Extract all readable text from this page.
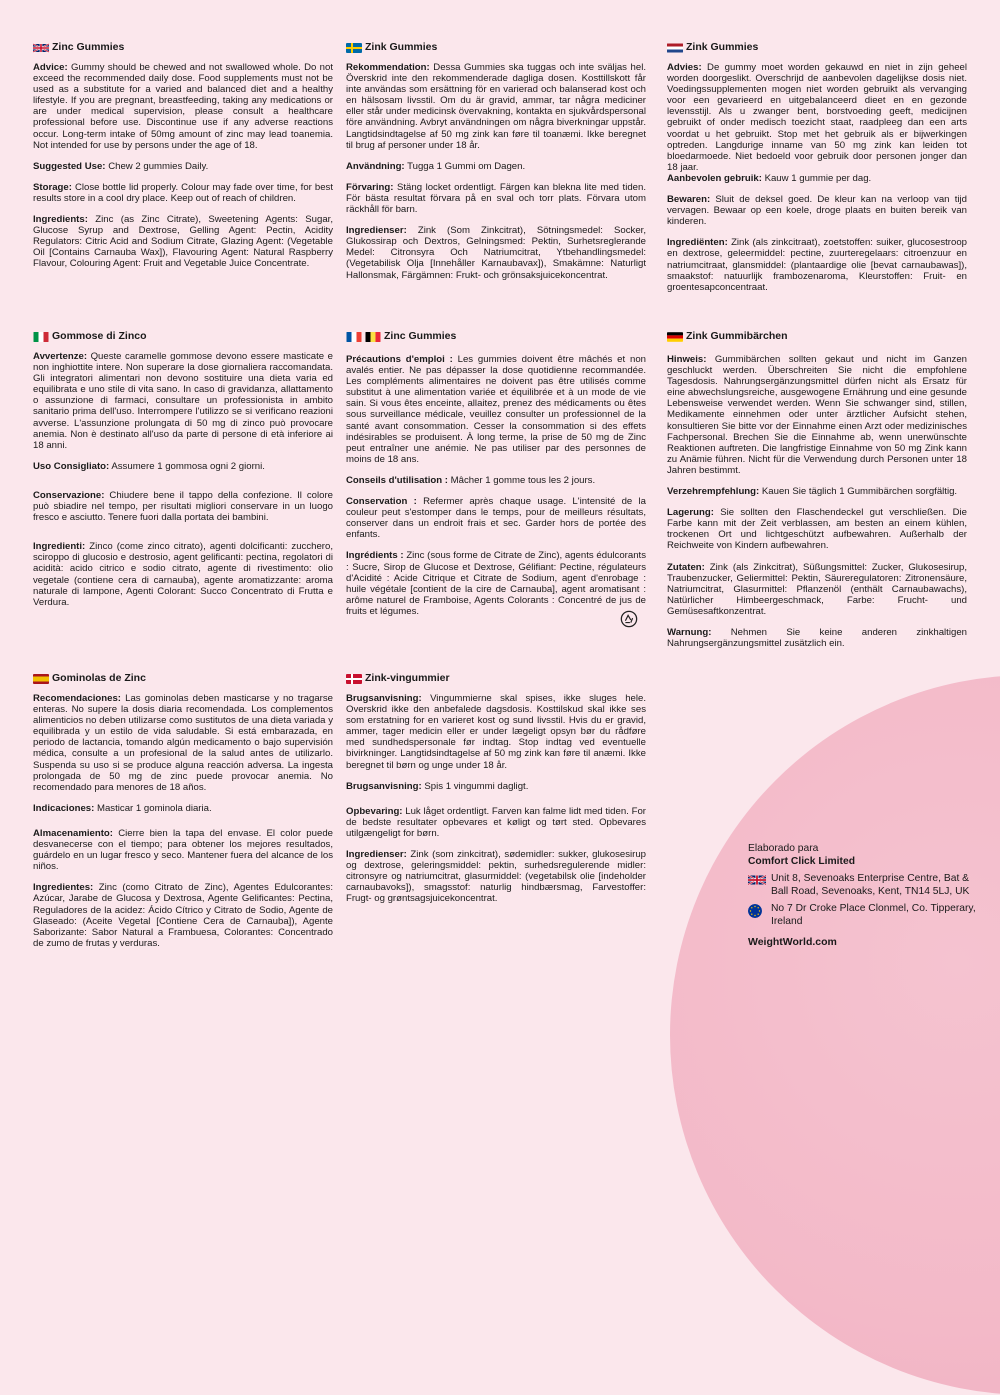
Zinc Gummies

Advice: Gummy should be chewed and not swallowed whole. Do not exceed the recommended daily dose. Food supplements must not be used as a substitute for a varied and balanced diet and a healthy lifestyle. If you are pregnant, breastfeeding, taking any medications or are under medical supervision, please consult a healthcare professional before use. Discontinue use if any adverse reactions occur. Long-term intake of 50mg amount of zinc may lead toanemia. Not intended for use by persons under the age of 18.

Suggested Use: Chew 2 gummies Daily.

Storage: Close bottle lid properly. Colour may fade over time, for best results store in a cool dry place. Keep out of reach of children.

Ingredients: Zinc (as Zinc Citrate), Sweetening Agents: Sugar, Glucose Syrup and Dextrose, Gelling Agent: Pectin, Acidity Regulators: Citric Acid and Sodium Citrate, Glazing Agent: (Vegetable Oil [Contains Carnauba Wax]), Flavouring Agent: Natural Raspberry Flavour, Colouring Agent: Fruit and Vegetable Juice Concentrate.

Zink Gummies

Rekommendation: Dessa Gummies ska tuggas och inte sväljas hel. Överskrid inte den rekommenderade dagliga dosen. Kosttillskott får inte användas som ersättning för en varierad och balanserad kost och en hälsosam livsstil. Om du är gravid, ammar, tar några mediciner eller står under medicinsk övervakning, kontakta en sjukvårdspersonal före användning. Avbryt användningen om några biverkningar uppstår. Langtidsindtagelse af 50 mg zink kan føre til toanæmi. Ikke beregnet til brug af personer under 18 år.

Användning: Tugga 1 Gummi om Dagen.

Förvaring: Stäng locket ordentligt. Färgen kan blekna lite med tiden. För bästa resultat förvara på en sval och torr plats. Förvara utom räckhåll för barn.

Ingredienser: Zink (Som Zinkcitrat), Sötningsmedel: Socker, Glukossirap och Dextros, Gelningsmed: Pektin, Surhetsreglerande Medel: Citronsyra Och Natriumcitrat, Ytbehandlingsmedel: (Vegetabilisk Olja [Innehåller Karnaubavax]), Smakämne: Naturligt Hallonsmak, Färgämnen: Frukt- och grönsaksjuicekoncentrat.

Zink Gummies

Advies: De gummy moet worden gekauwd en niet in zijn geheel worden doorgeslikt. Overschrijd de aanbevolen dagelijkse dosis niet. Voedingssupplementen mogen niet worden gebruikt als vervanging voor een gevarieerd en uitgebalanceerd dieet en en gezonde levensstijl. Als u zwanger bent, borstvoeding geeft, medicijnen gebruikt of onder medisch toezicht staat, raadpleeg dan een arts voordat u het gebruikt. Stop met het gebruik als er bijwerkingen optreden. Langdurige inname van 50 mg zink kan leiden tot bloedarmoede. Niet bedoeld voor gebruik door personen jonger dan 18 jaar.
Aanbevolen gebruik: Kauw 1 gummie per dag.

Bewaren: Sluit de deksel goed. De kleur kan na verloop van tijd vervagen. Bewaar op een koele, droge plaats en buiten bereik van kinderen.

Ingrediënten: Zink (als zinkcitraat), zoetstoffen: suiker, glucosestroop en dextrose, geleermiddel: pectine, zuurteregelaars: citroenzuur en natriumcitraat, glansmiddel: (plantaardige olie [bevat carnaubawas]), smaakstof: natuurlijk frambozenaroma, Kleurstoffen: Fruit- en groentesapconcentraat.

Gommose di Zinco

Avvertenze: Queste caramelle gommose devono essere masticate e non inghiottite intere. Non superare la dose giornaliera raccomandata. Gli integratori alimentari non devono sostituire una dieta varia ed equilibrata e uno stile di vita sano. In caso di gravidanza, allattamento o assunzione di farmaci, consultare un professionista in ambito sanitario prima dell'uso. Interrompere l'utilizzo se si verificano reazioni avverse. L'assunzione prolungata di 50 mg di zinco può provocare anemia. Non è destinato all'uso da parte di persone di età inferiore ai 18 anni.

Uso Consigliato: Assumere 1 gommosa ogni 2 giorni.

Conservazione: Chiudere bene il tappo della confezione. Il colore può sbiadire nel tempo, per risultati migliori conservare in un luogo fresco e asciutto. Tenere fuori dalla portata dei bambini.

Ingredienti: Zinco (come zinco citrato), agenti dolcificanti: zucchero, sciroppo di glucosio e destrosio, agent gelificanti: pectina, regolatori di acidità: acido citrico e sodio citrato, agente di rivestimento: olio vegetale (contiene cera di carnauba), agente aromatizzante: aroma naturale di lampone, Agenti Colorant: Succo Concentrato di Frutta e Verdura.

Zinc Gummies

Précautions d'emploi : Les gummies doivent être mâchés et non avalés entier. Ne pas dépasser la dose quotidienne recommandée. Les compléments alimentaires ne doivent pas être utilisés comme substitut à une alimentation variée et équilibrée et à un mode de vie sain. Si vous êtes enceinte, allaitez, prenez des médicaments ou êtes sous surveillance médicale, veuillez consulter un professionnel de la santé avant consommation. Cesser la consommation si des effets indésirables se produisent. À long terme, la prise de 50 mg de Zinc peut entraîner une anémie. Ne pas utiliser par des personnes de moins de 18 ans.

Conseils d'utilisation : Mâcher 1 gomme tous les 2 jours.

Conservation : Refermer après chaque usage. L'intensité de la couleur peut s'estomper dans le temps, pour de meilleurs résultats, conserver dans un endroit frais et sec. Garder hors de portée des enfants.

Ingrédients : Zinc (sous forme de Citrate de Zinc), agents édulcorants : Sucre, Sirop de Glucose et Dextrose, Gélifiant: Pectine, régulateurs d'Acidité : Acide Citrique et Citrate de Sodium, agent d'enrobage : huile végétale [contient de la cire de Carnauba], agent aromatisant : arôme naturel de Framboise, Agents Colorants : Concentré de jus de fruits et légumes.

Zink Gummibärchen

Hinweis: Gummibärchen sollten gekaut und nicht im Ganzen geschluckt werden. Überschreiten Sie nicht die empfohlene Tagesdosis. Nahrungsergänzungsmittel dürfen nicht als Ersatz für eine abwechslungsreiche, ausgewogene Ernährung und eine gesunde Lebensweise verwendet werden. Wenn Sie schwanger sind, stillen, Medikamente einnehmen oder unter ärztlicher Aufsicht stehen, konsultieren Sie bitte vor der Einnahme einen Arzt oder medizinisches Fachpersonal. Brechen Sie die Einnahme ab, wenn unerwünschte Reaktionen auftreten. Die langfristige Einnahme von 50 mg Zink kann zu Anämie führen. Nicht für die Verwendung durch Personen unter 18 Jahren bestimmt.

Verzehrempfehlung: Kauen Sie täglich 1 Gummibärchen sorgfältig.

Lagerung: Sie sollten den Flaschendeckel gut verschließen. Die Farbe kann mit der Zeit verblassen, am besten an einem kühlen, trockenen Ort und lichtgeschützt aufbewahren. Außerhalb der Reichweite von Kindern aufbewahren.

Zutaten: Zink (als Zinkcitrat), Süßungsmittel: Zucker, Glukosesirup, Traubenzucker, Geliermittel: Pektin, Säureregulatoren: Zitronensäure, Natriumcitrat, Glasurmittel: Pflanzenöl (enthält Carnaubawachs), Natürlicher Himbeergeschmack, Farbe: Frucht- und Gemüsesaftkonzentrat.

Warnung: Nehmen Sie keine anderen zinkhaltigen Nahrungsergänzungsmittel zusätzlich ein.

Gominolas de Zinc

Recomendaciones: Las gominolas deben masticarse y no tragarse enteras. No supere la dosis diaria recomendada. Los complementos alimenticios no deben utilizarse como sustitutos de una dieta variada y equilibrada y un estilo de vida saludable. Si está embarazada, en periodo de lactancia, tomando algún medicamento o bajo supervisión médica, consulte a un profesional de la salud antes de utilizarlo. Suspenda su uso si se produce alguna reacción adversa. La ingesta prolongada de 50 mg de zinc puede provocar anemia. No recomendado para menores de 18 años.

Indicaciones: Masticar 1 gominola diaria.

Almacenamiento: Cierre bien la tapa del envase. El color puede desvanecerse con el tiempo; para obtener los mejores resultados, guárdelo en un lugar fresco y seco. Mantener fuera del alcance de los niños.

Ingredientes: Zinc (como Citrato de Zinc), Agentes Edulcorantes: Azúcar, Jarabe de Glucosa y Dextrosa, Agente Gelificantes: Pectina, Reguladores de la acidez: Ácido Cítrico y Citrato de Sodio, Agente de Glaseado: (Aceite Vegetal [Contiene Cera de Carnauba]), Agente Saborizante: Sabor Natural a Frambuesa, Colorantes: Concentrado de zumo de frutas y verduras.

Zink-vingummier

Brugsanvisning: Vingummierne skal spises, ikke sluges hele. Overskrid ikke den anbefalede dagsdosis. Kosttilskud skal ikke ses som erstatning for en varieret kost og sund livsstil. Hvis du er gravid, ammer, tager medicin eller er under lægeligt opsyn bør du rådføre med sundhedspersonale før indtag. Stop indtag ved eventuelle bivirkninger. Langtidsindtagelse af 50 mg zink kan føre til anæmi. Ikke beregnet til børn og unge under 18 år.

Brugsanvisning: Spis 1 vingummi dagligt.

Opbevaring: Luk låget ordentligt. Farven kan falme lidt med tiden. For de bedste resultater opbevares et køligt og tørt sted. Opbevares utilgængeligt for børn.

Ingredienser: Zink (som zinkcitrat), sødemidler: sukker, glukosesirup og dextrose, geleringsmiddel: pektin, surhedsregulerende midler: citronsyre og natriumcitrat, glasurmiddel: (vegetabilsk olie [indeholder carnaubavoks]), smagsstof: naturlig hindbærsmag, Farvestoffer: Frugt- og grøntsagsjuicekoncentrat.

Elaborado para
Comfort Click Limited
Unit 8, Sevenoaks Enterprise Centre, Bat & Ball Road, Sevenoaks, Kent, TN14 5LJ, UK
No 7 Dr Croke Place Clonmel, Co. Tipperary, Ireland
WeightWorld.com
